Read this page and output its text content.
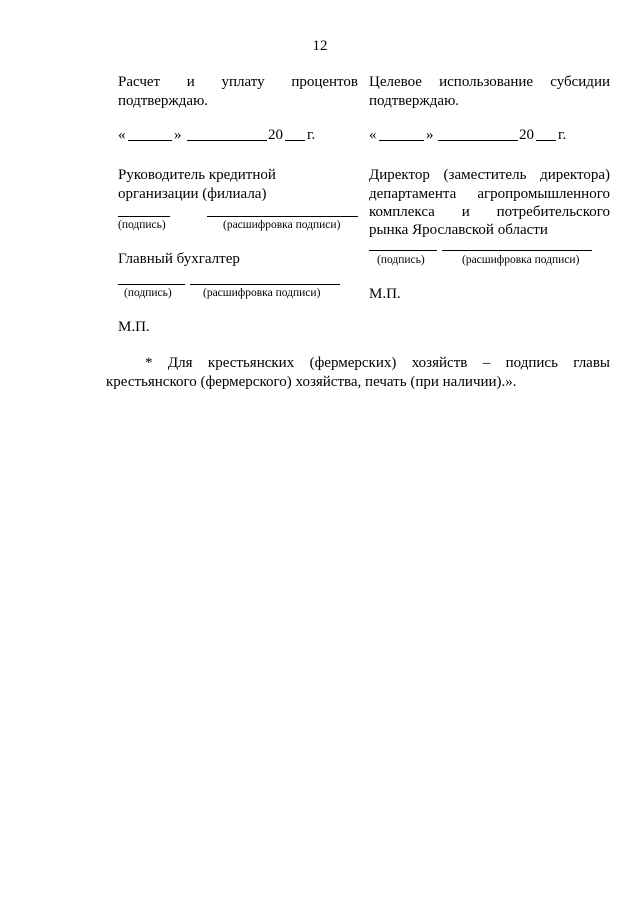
12
Расчет и уплату процентов
подтверждаю.
«	»	20 г.
Руководитель кредитной
организации (филиала)
(подпись)	(расшифровка подписи)
Главный бухгалтер
(подпись)	(расшифровка подписи)
М.П.
Целевое использование субсидии
подтверждаю.
«	»	20 г.
Директор (заместитель директора)
департамента агропромышленного
комплекса и потребительского
рынка Ярославской области
(подпись)	(расшифровка подписи)
М.П.
* Для крестьянских (фермерских) хозяйств – подпись главы
крестьянского (фермерского) хозяйства, печать (при наличии).».
